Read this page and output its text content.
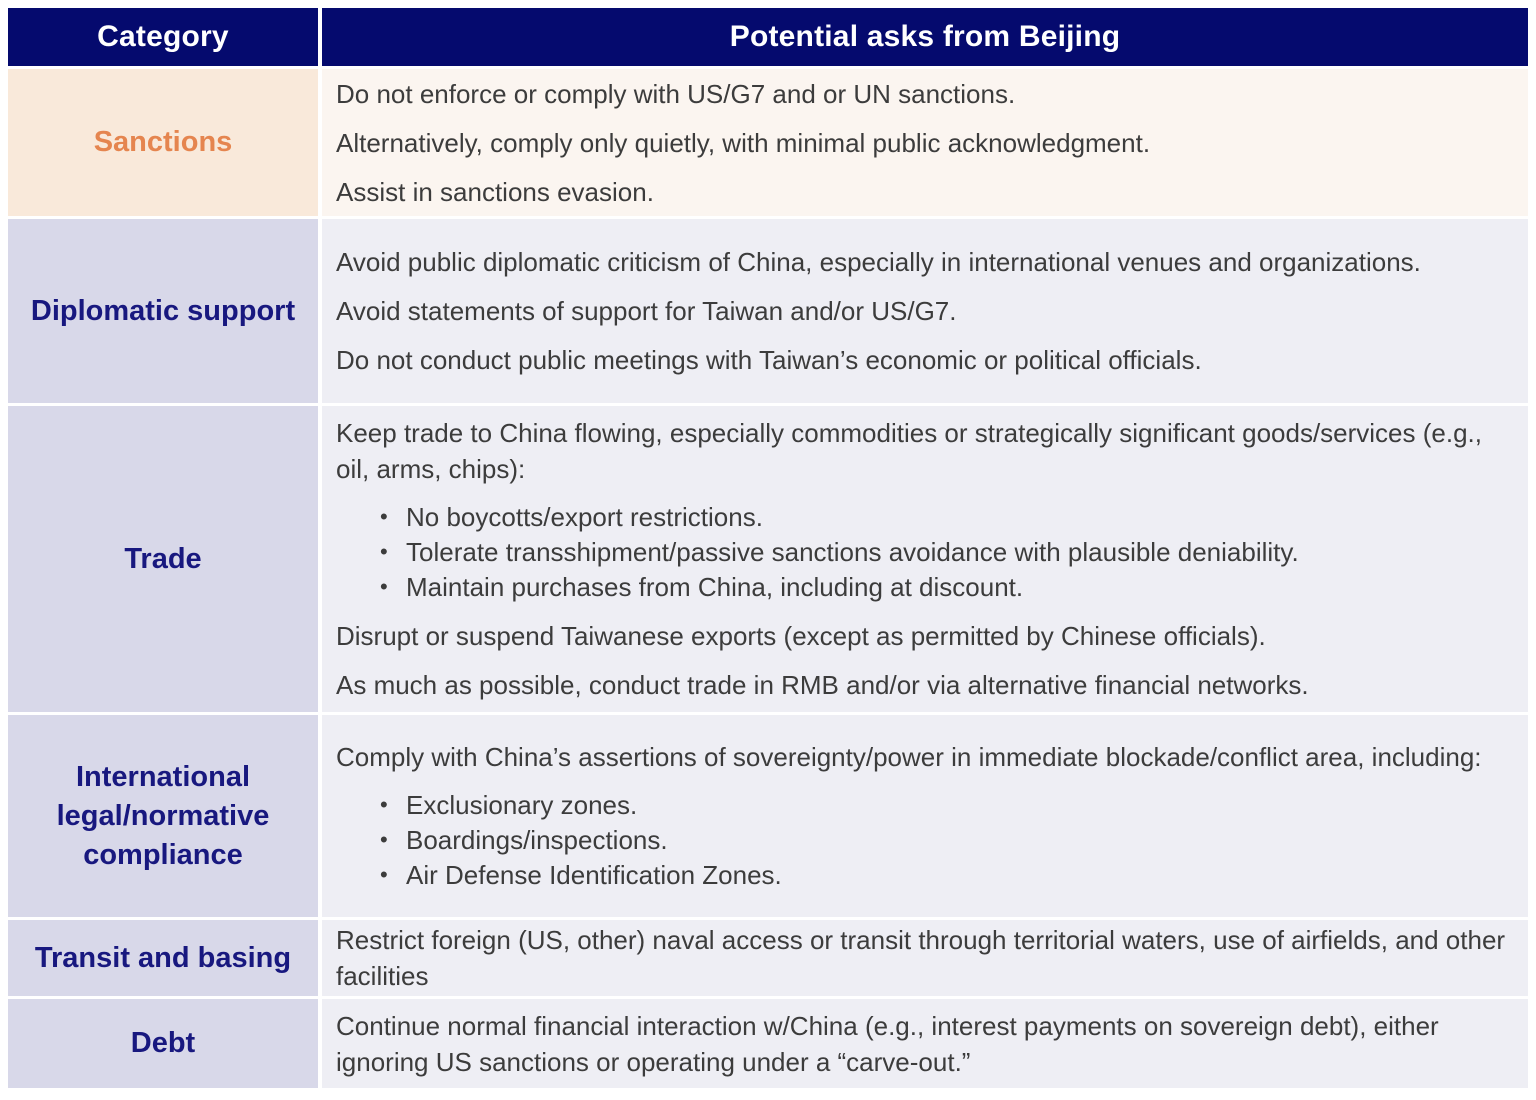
Category	Potential asks from Beijing
Sanctions

Do not enforce or comply with US/G7 and or UN sanctions.

Alternatively, comply only quietly, with minimal public acknowledgment.

Assist in sanctions evasion.

Diplomatic support

Avoid public diplomatic criticism of China, especially in international venues and organizations.

Avoid statements of support for Taiwan and/or US/G7.

Do not conduct public meetings with Taiwan’s economic or political officials.

Trade

Keep trade to China flowing, especially commodities or strategically significant goods/services (e.g., oil, arms, chips):

• No boycotts/export restrictions.
• Tolerate transshipment/passive sanctions avoidance with plausible deniability.
• Maintain purchases from China, including at discount.

Disrupt or suspend Taiwanese exports (except as permitted by Chinese officials).

As much as possible, conduct trade in RMB and/or via alternative financial networks.

International legal/normative compliance

Comply with China’s assertions of sovereignty/power in immediate blockade/conflict area, including:

• Exclusionary zones.
• Boardings/inspections.
• Air Defense Identification Zones.
Transit and basing

Restrict foreign (US, other) naval access or transit through territorial waters, use of airfields, and other facilities

Debt

Continue normal financial interaction w/China (e.g., interest payments on sovereign debt), either ignoring US sanctions or operating under a “carve-out.”
